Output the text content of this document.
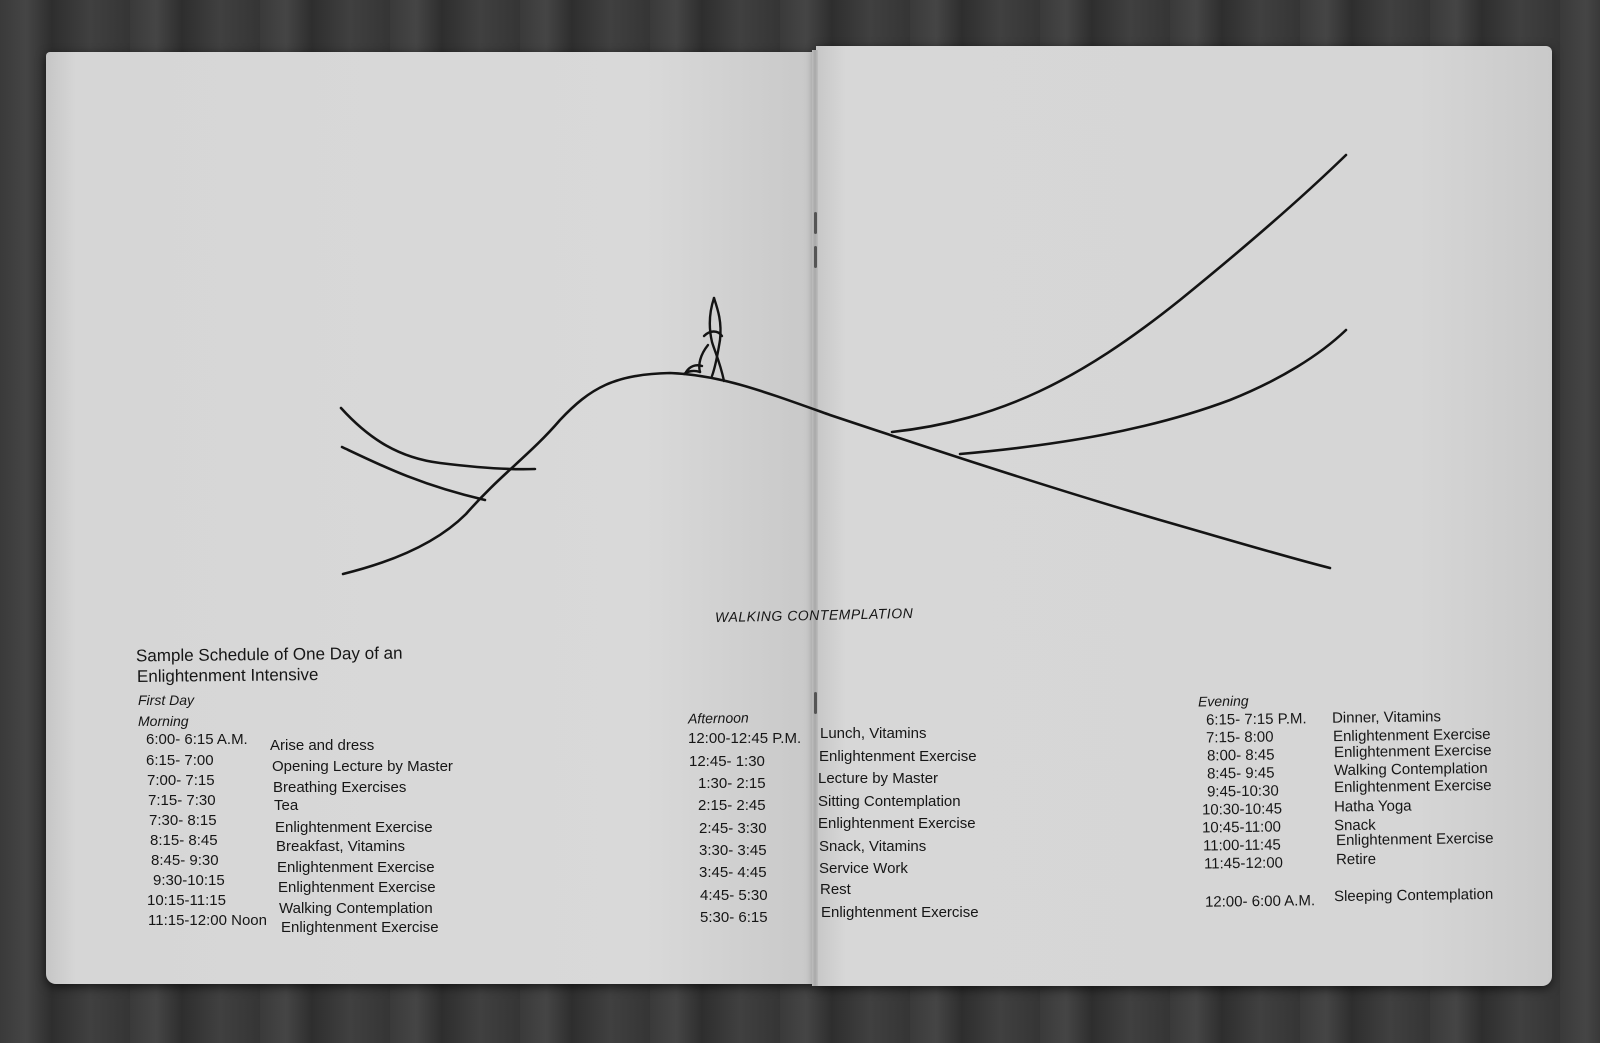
WALKING CONTEMPLATION
Sample Schedule of One Day of an
Enlightenment Intensive
First Day
Morning
6:00- 6:15 A.M. Arise and dress
6:15- 7:00	Opening Lecture by Master
7:00- 7:15	Breathing Exercises
7:15- 7:30	Tea
7:30- 8:15	Enlightenment Exercise
8:15- 8:45	Breakfast, Vitamins
8:45- 9:30	Enlightenment Exercise
9:30-10:15	Enlightenment Exercise
10:15-11:15	Walking Contemplation
11:15-12:00 Noon Enlightenment Exercise
Afternoon
12:00-12:45 P.M. Lunch, Vitamins
12:45- 1:30	Enlightenment Exercise
1:30- 2:15	Lecture by Master
2:15- 2:45	Sitting Contemplation
2:45- 3:30	Enlightenment Exercise
3:30- 3:45	Snack, Vitamins
3:45- 4:45	Service Work
4:45- 5:30	Rest
5:30- 6:15	Enlightenment Exercise
Evening
6:15- 7:15 P.M. Dinner, Vitamins
7:15- 8:00	Enlightenment Exercise
8:00- 8:45	Enlightenment Exercise
8:45- 9:45	Walking Contemplation
9:45-10:30	Enlightenment Exercise
10:30-10:45	Hatha Yoga
10:45-11:00	Snack
11:00-11:45	Enlightenment Exercise
11:45-12:00	Retire
12:00- 6:00 A.M. Sleeping Contemplation
